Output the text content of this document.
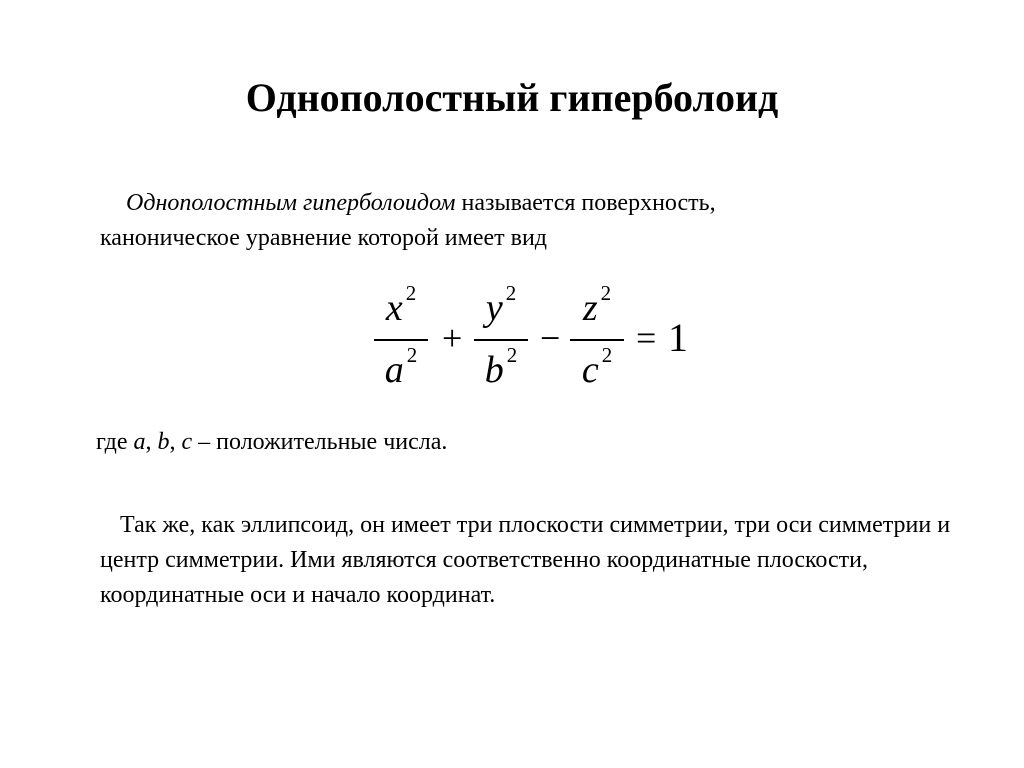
Однополостный гиперболоид
Однополостным гиперболоидом называется поверхность, каноническое уравнение которой имеет вид
x $^2$
a $^2$ +
y $^2$
b $^2$ −
z $^2$
c $^2$ = 1
где a, b, c – положительные числа.
Так же, как эллипсоид, он имеет три плоскости симметрии, три оси симметрии и центр симметрии. Ими являются соответственно координатные плоскости, координатные оси и начало координат.
